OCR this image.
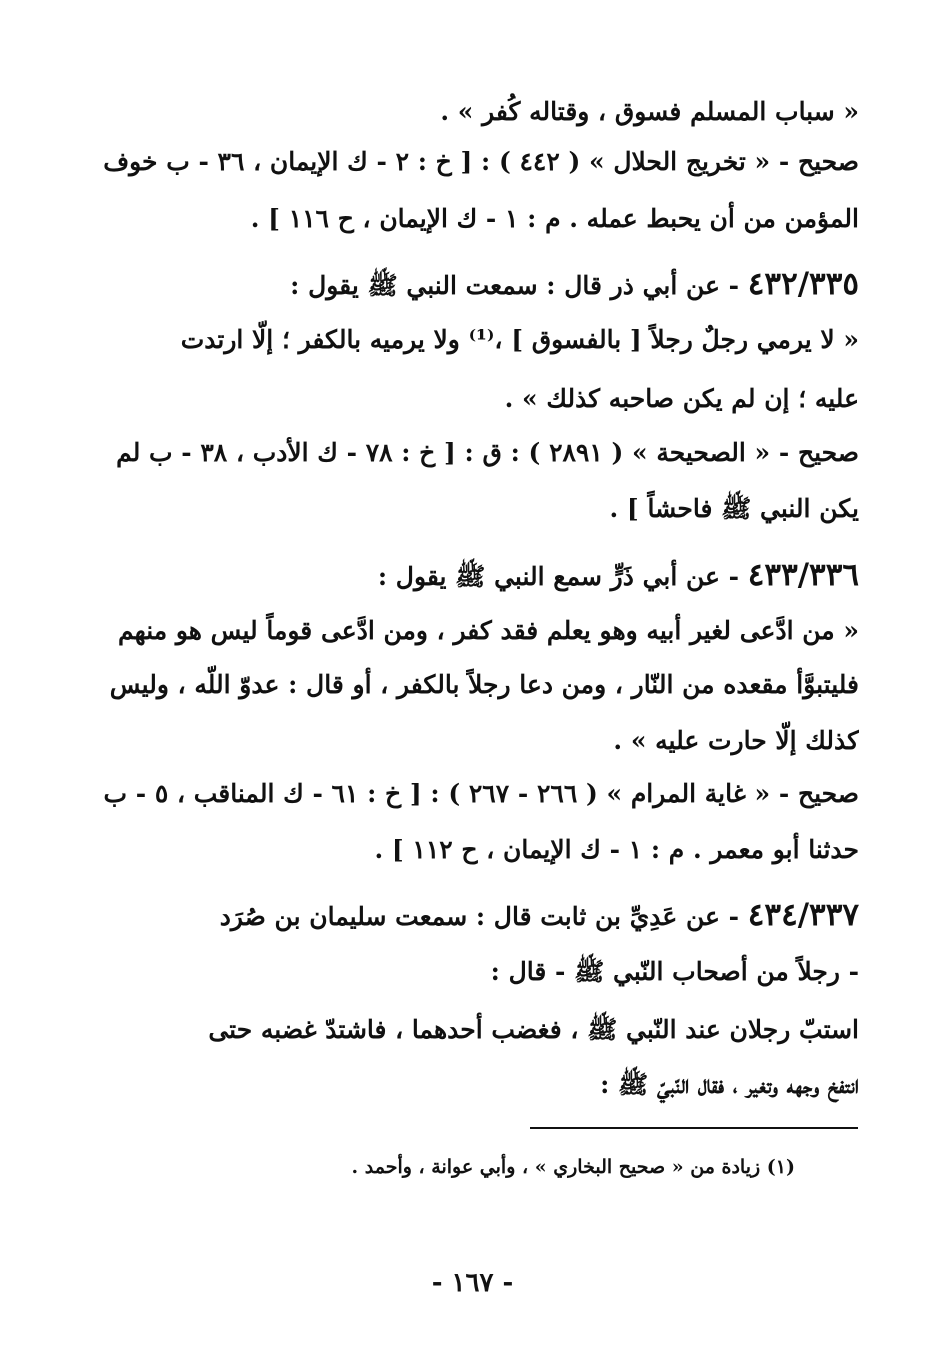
« سباب المسلم فسوق ، وقتاله كُفر » .
صحيح - « تخريج الحلال » ( ٤٤٢ ) : [ خ : ٢ - ك الإيمان ، ٣٦ - ب خوف
المؤمن من أن يحبط عمله . م : ١ - ك الإيمان ، ح ١١٦ ] .
٤٣٢/٣٣٥ - عن أبي ذر قال : سمعت النبي ﷺ يقول :
« لا يرمي رجلٌ رجلاً [ بالفسوق ] ،⁽¹⁾ ولا يرميه بالكفر ؛ إلّا ارتدت
عليه ؛ إن لم يكن صاحبه كذلك » .
صحيح - « الصحيحة » ( ٢٨٩١ ) : ق : [ خ : ٧٨ - ك الأدب ، ٣٨ - ب لم
يكن النبي ﷺ فاحشاً ] .
٤٣٣/٣٣٦ - عن أبي ذَرٍّ سمع النبي ﷺ يقول :
« من ادَّعى لغير أبيه وهو يعلم فقد كفر ، ومن ادَّعى قوماً ليس هو منهم
فليتبوَّأ مقعده من النّار ، ومن دعا رجلاً بالكفر ، أو قال : عدوّ اللّه ، وليس
كذلك إلّا حارت عليه » .
صحيح - « غاية المرام » ( ٢٦٦ - ٢٦٧ ) : [ خ : ٦١ - ك المناقب ، ٥ - ب
حدثنا أبو معمر . م : ١ - ك الإيمان ، ح ١١٢ ] .
٤٣٤/٣٣٧ - عن عَدِيِّ بن ثابت قال : سمعت سليمان بن صُرَد
- رجلاً من أصحاب النّبي ﷺ - قال :
استبّ رجلان عند النّبي ﷺ ، فغضب أحدهما ، فاشتدّ غضبه حتى
انتفخ وجهه وتغير ، فقال النّبيّ ﷺ :
(١) زيادة من « صحيح البخاري » ، وأبي عوانة ، وأحمد .
- ١٦٧ -
